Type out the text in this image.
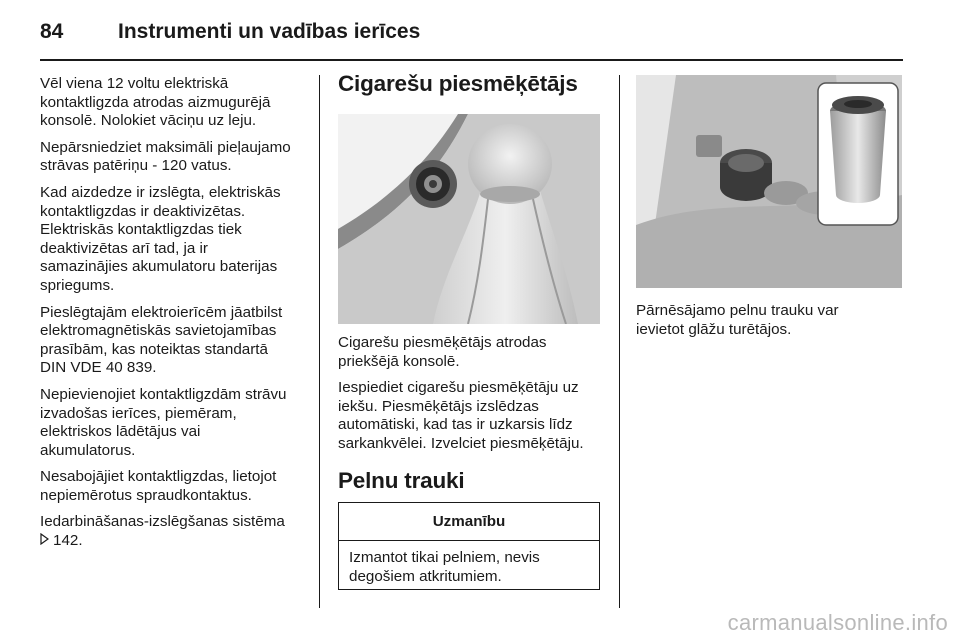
84	Instrumenti un vadības ierīces

Vēl viena 12 voltu elektriskā
kontaktligzda atrodas aizmugurējā
konsolē. Nolokiet vāciņu uz leju.

Nepārsniedziet maksimāli pieļaujamo
strāvas patēriņu - 120 vatus.

Kad aizdedze ir izslēgta, elektriskās
kontaktligzdas ir deaktivizētas.
Elektriskās kontaktligzdas tiek
deaktivizētas arī tad, ja ir
samazinājies akumulatoru baterijas
spriegums.

Pieslēgtajām elektroierīcēm jāatbilst
elektromagnētiskās savietojamības
prasībām, kas noteiktas standartā
DIN VDE 40 839.

Nepievienojiet kontaktligzdām strāvu
izvadošas ierīces, piemēram,
elektriskos lādētājus vai
akumulatorus.

Nesabojājiet kontaktligzdas, lietojot
nepiemērotus spraudkontaktus.

Iedarbināšanas-izslēgšanas sistēma

142.
Cigarešu piesmēķētājs

Cigarešu piesmēķētājs atrodas
priekšējā konsolē.

Iespiediet cigarešu piesmēķētāju uz
iekšu. Piesmēķētājs izslēdzas
automātiski, kad tas ir uzkarsis līdz
sarkankvēlei. Izvelciet piesmēķētāju.

Pelnu trauki
Uzmanību
Izmantot tikai pelniem, nevis
degošiem atkritumiem.

Pārnēsājamo pelnu trauku var
ievietot glāžu turētājos.

carmanualsonline.info
